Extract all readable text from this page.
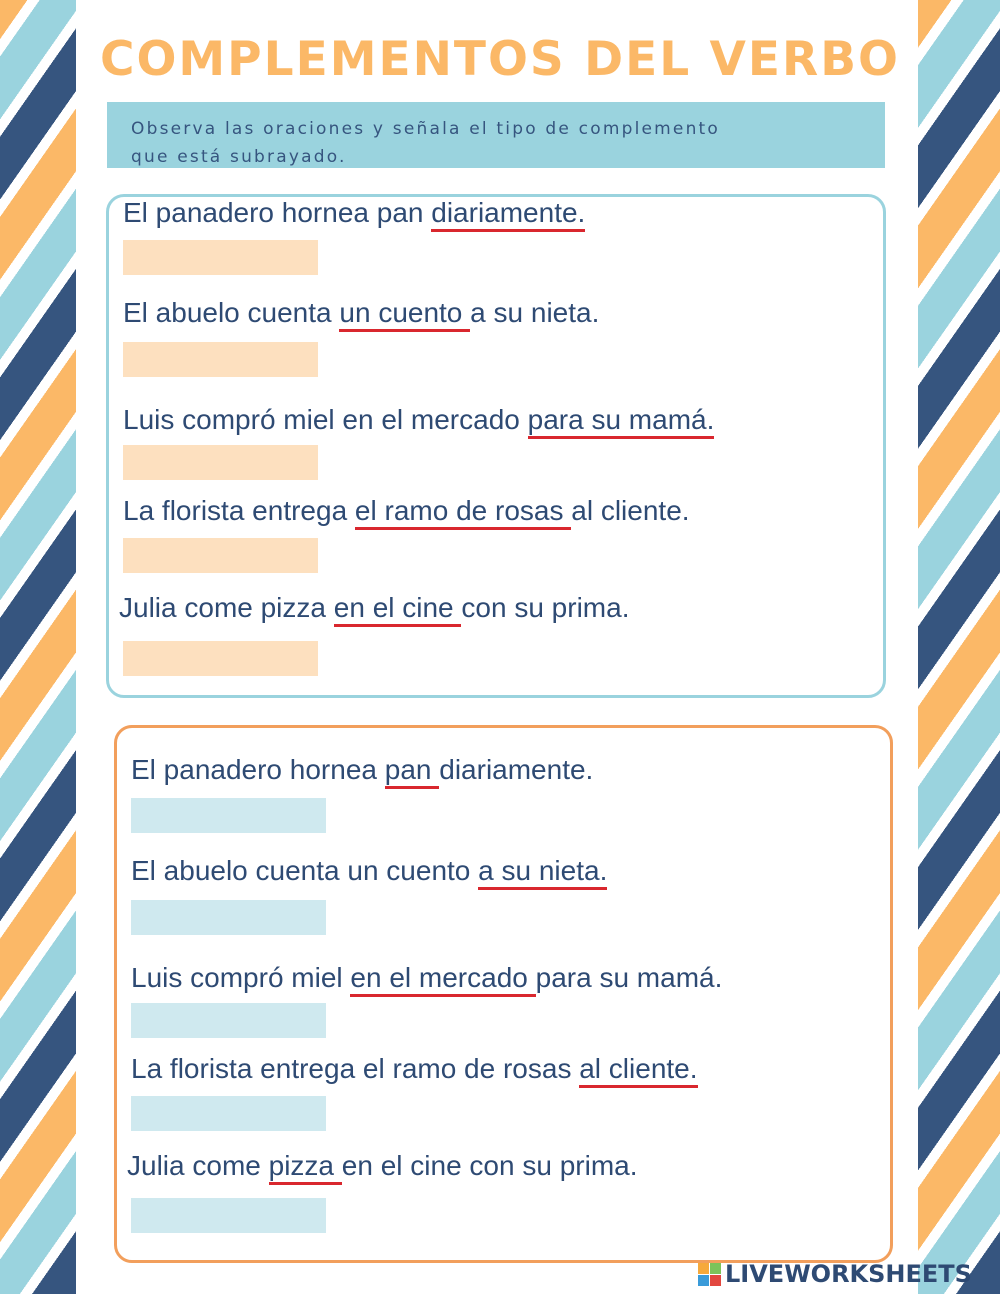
COMPLEMENTOS DEL VERBO

Observa las oraciones y señala el tipo de complemento

que está subrayado.

El panadero hornea pan diariamente.

El abuelo cuenta un cuento a su nieta.

Luis compró miel en el mercado para su mamá.

La florista entrega el ramo de rosas al cliente.

Julia come pizza en el cine con su prima.

El panadero hornea pan diariamente.

El abuelo cuenta un cuento a su nieta.

Luis compró miel en el mercado para su mamá.

La florista entrega el ramo de rosas al cliente.

Julia come pizza en el cine con su prima.

LIVEWORKSHEETS
